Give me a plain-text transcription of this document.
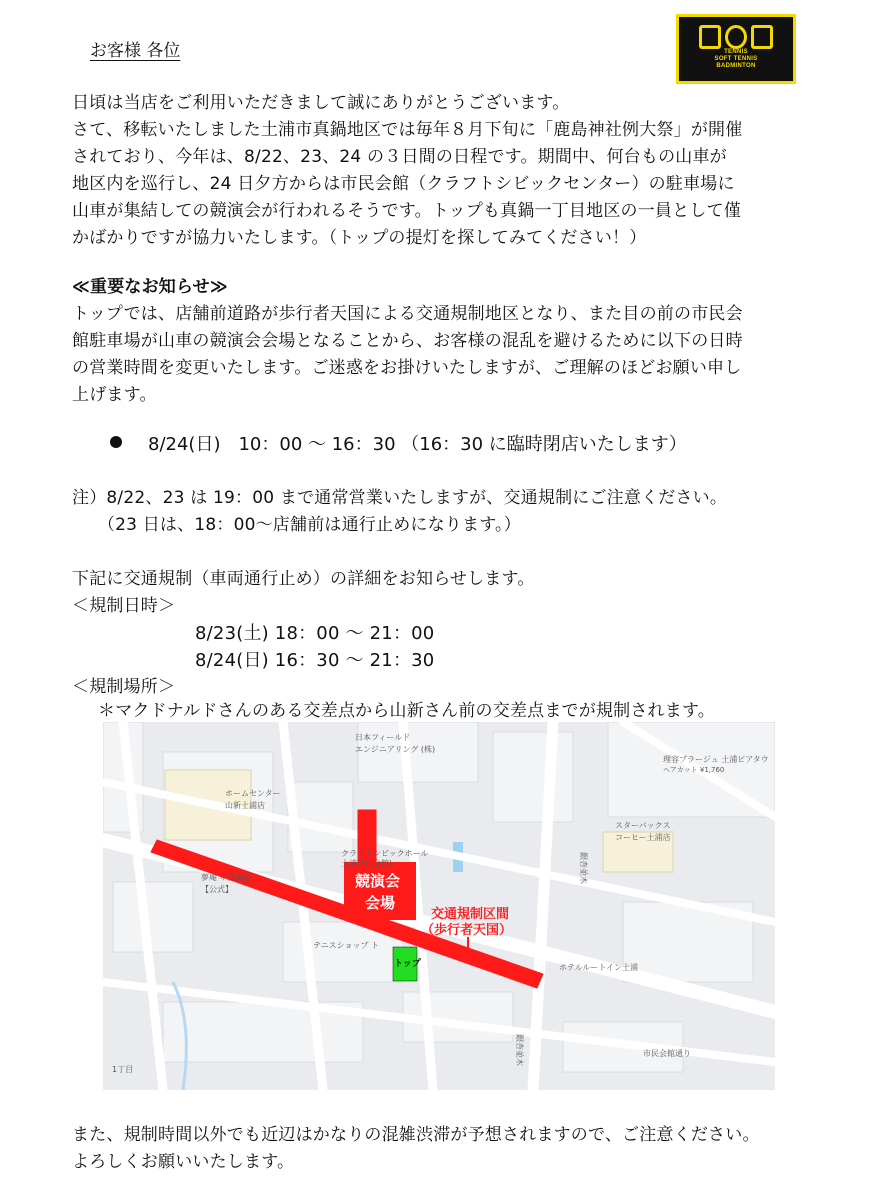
お客様 各位	TENNIS
SOFT TENNIS
BADMINTON
日頃は当店をご利用いただきまして誠にありがとうございます。
さて、移転いたしました土浦市真鍋地区では毎年８月下旬に「鹿島神社例大祭」が開催
されており、今年は、8/22、23、24 の３日間の日程です。期間中、何台もの山車が
地区内を巡行し、24 日夕方からは市民会館（クラフトシビックセンター）の駐車場に
山車が集結しての競演会が行われるそうです。トップも真鍋一丁目地区の一員として僅
かばかりですが協力いたします。（トップの提灯を探してみてください！）
≪重要なお知らせ≫
トップでは、店舗前道路が歩行者天国による交通規制地区となり、また目の前の市民会
館駐車場が山車の競演会会場となることから、お客様の混乱を避けるために以下の日時
の営業時間を変更いたします。ご迷惑をお掛けいたしますが、ご理解のほどお願い申し
上げます。
8/24(日)　10：00 ～ 16：30 （16：30 に臨時閉店いたします）
注）8/22、23 は 19：00 まで通常営業いたしますが、交通規制にご注意ください。
　　（23 日は、18：00～店舗前は通行止めになります。）
下記に交通規制（車両通行止め）の詳細をお知らせします。
＜規制日時＞
8/23(土) 18：00 ～ 21：00
8/24(日) 16：30 ～ 21：30
＜規制場所＞
＊マクドナルドさんのある交差点から山新さん前の交差点までが規制されます。
日本フィールド
エンジニアリング (株)
理容プラージュ 土浦ピアタウ
ヘアカット ¥1,760
ホームセンター
山新土浦店
スターバックス
コーヒー土浦店
クラフトシビックホール
土浦市民会館)
夢庵 ＊真鍋店
【公式】
テニスショップ ト
ホテルルートイン土浦
市民会館通り
1丁目
銀杏並木
銀杏並木
競演会
会場
交通規制区間
（歩行者天国）
トップ
また、規制時間以外でも近辺はかなりの混雑渋滞が予想されますので、ご注意ください。
よろしくお願いいたします。
